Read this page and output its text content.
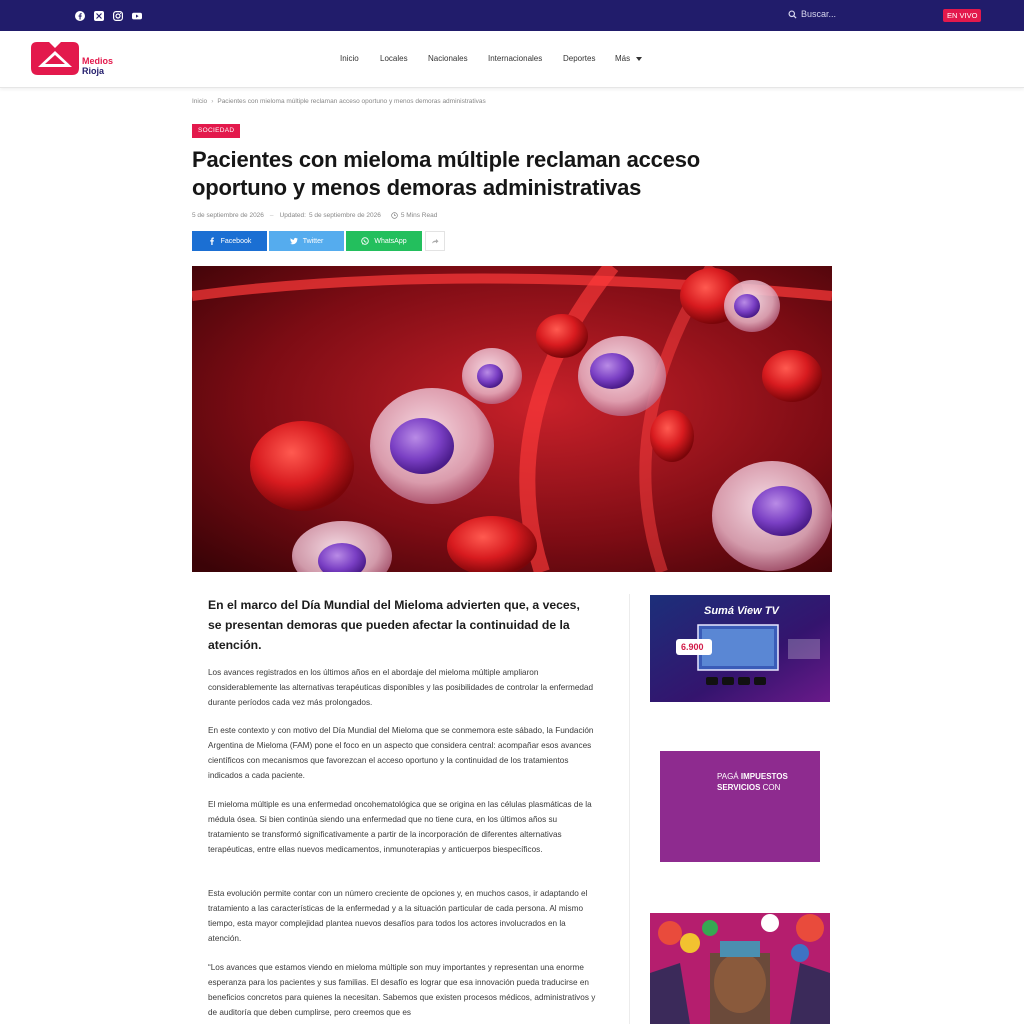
Buscar...	EN VIVO
Medios
Rioja
Inicio	Locales	Nacionales	Internacionales	Deportes Más
Inicio › Pacientes con mieloma múltiple reclaman acceso oportuno y menos demoras administrativas
SOCIEDAD
Pacientes con mieloma múltiple reclaman acceso oportuno y menos demoras administrativas
5 de septiembre de 2026 – Updated: 5 de septiembre de 2026	5 Mins Read
Facebook	Twitter	WhatsApp

En el marco del Día Mundial del Mieloma advierten que, a veces, se presentan demoras que pueden afectar la continuidad de la atención.

Los avances registrados en los últimos años en el abordaje del mieloma múltiple ampliaron considerablemente las alternativas terapéuticas disponibles y las posibilidades de controlar la enfermedad durante períodos cada vez más prolongados.

En este contexto y con motivo del Día Mundial del Mieloma que se conmemora este sábado, la Fundación Argentina de Mieloma (FAM) pone el foco en un aspecto que considera central: acompañar esos avances científicos con mecanismos que favorezcan el acceso oportuno y la continuidad de los tratamientos indicados a cada paciente.

El mieloma múltiple es una enfermedad oncohematológica que se origina en las células plasmáticas de la médula ósea. Si bien continúa siendo una enfermedad que no tiene cura, en los últimos años su tratamiento se transformó significativamente a partir de la incorporación de diferentes alternativas terapéuticas, entre ellas nuevos medicamentos, inmunoterapias y anticuerpos biespecíficos.

Esta evolución permite contar con un número creciente de opciones y, en muchos casos, ir adaptando el tratamiento a las características de la enfermedad y a la situación particular de cada persona. Al mismo tiempo, esta mayor complejidad plantea nuevos desafíos para todos los actores involucrados en la atención.

“Los avances que estamos viendo en mieloma múltiple son muy importantes y representan una enorme esperanza para los pacientes y sus familias. El desafío es lograr que esa innovación pueda traducirse en beneficios concretos para quienes la necesitan. Sabemos que existen procesos médicos, administrativos y de auditoría que deben cumplirse, pero creemos que es

Sumá View TV
6.900
PAGÁ IMPUESTOS
SERVICIOS CON
